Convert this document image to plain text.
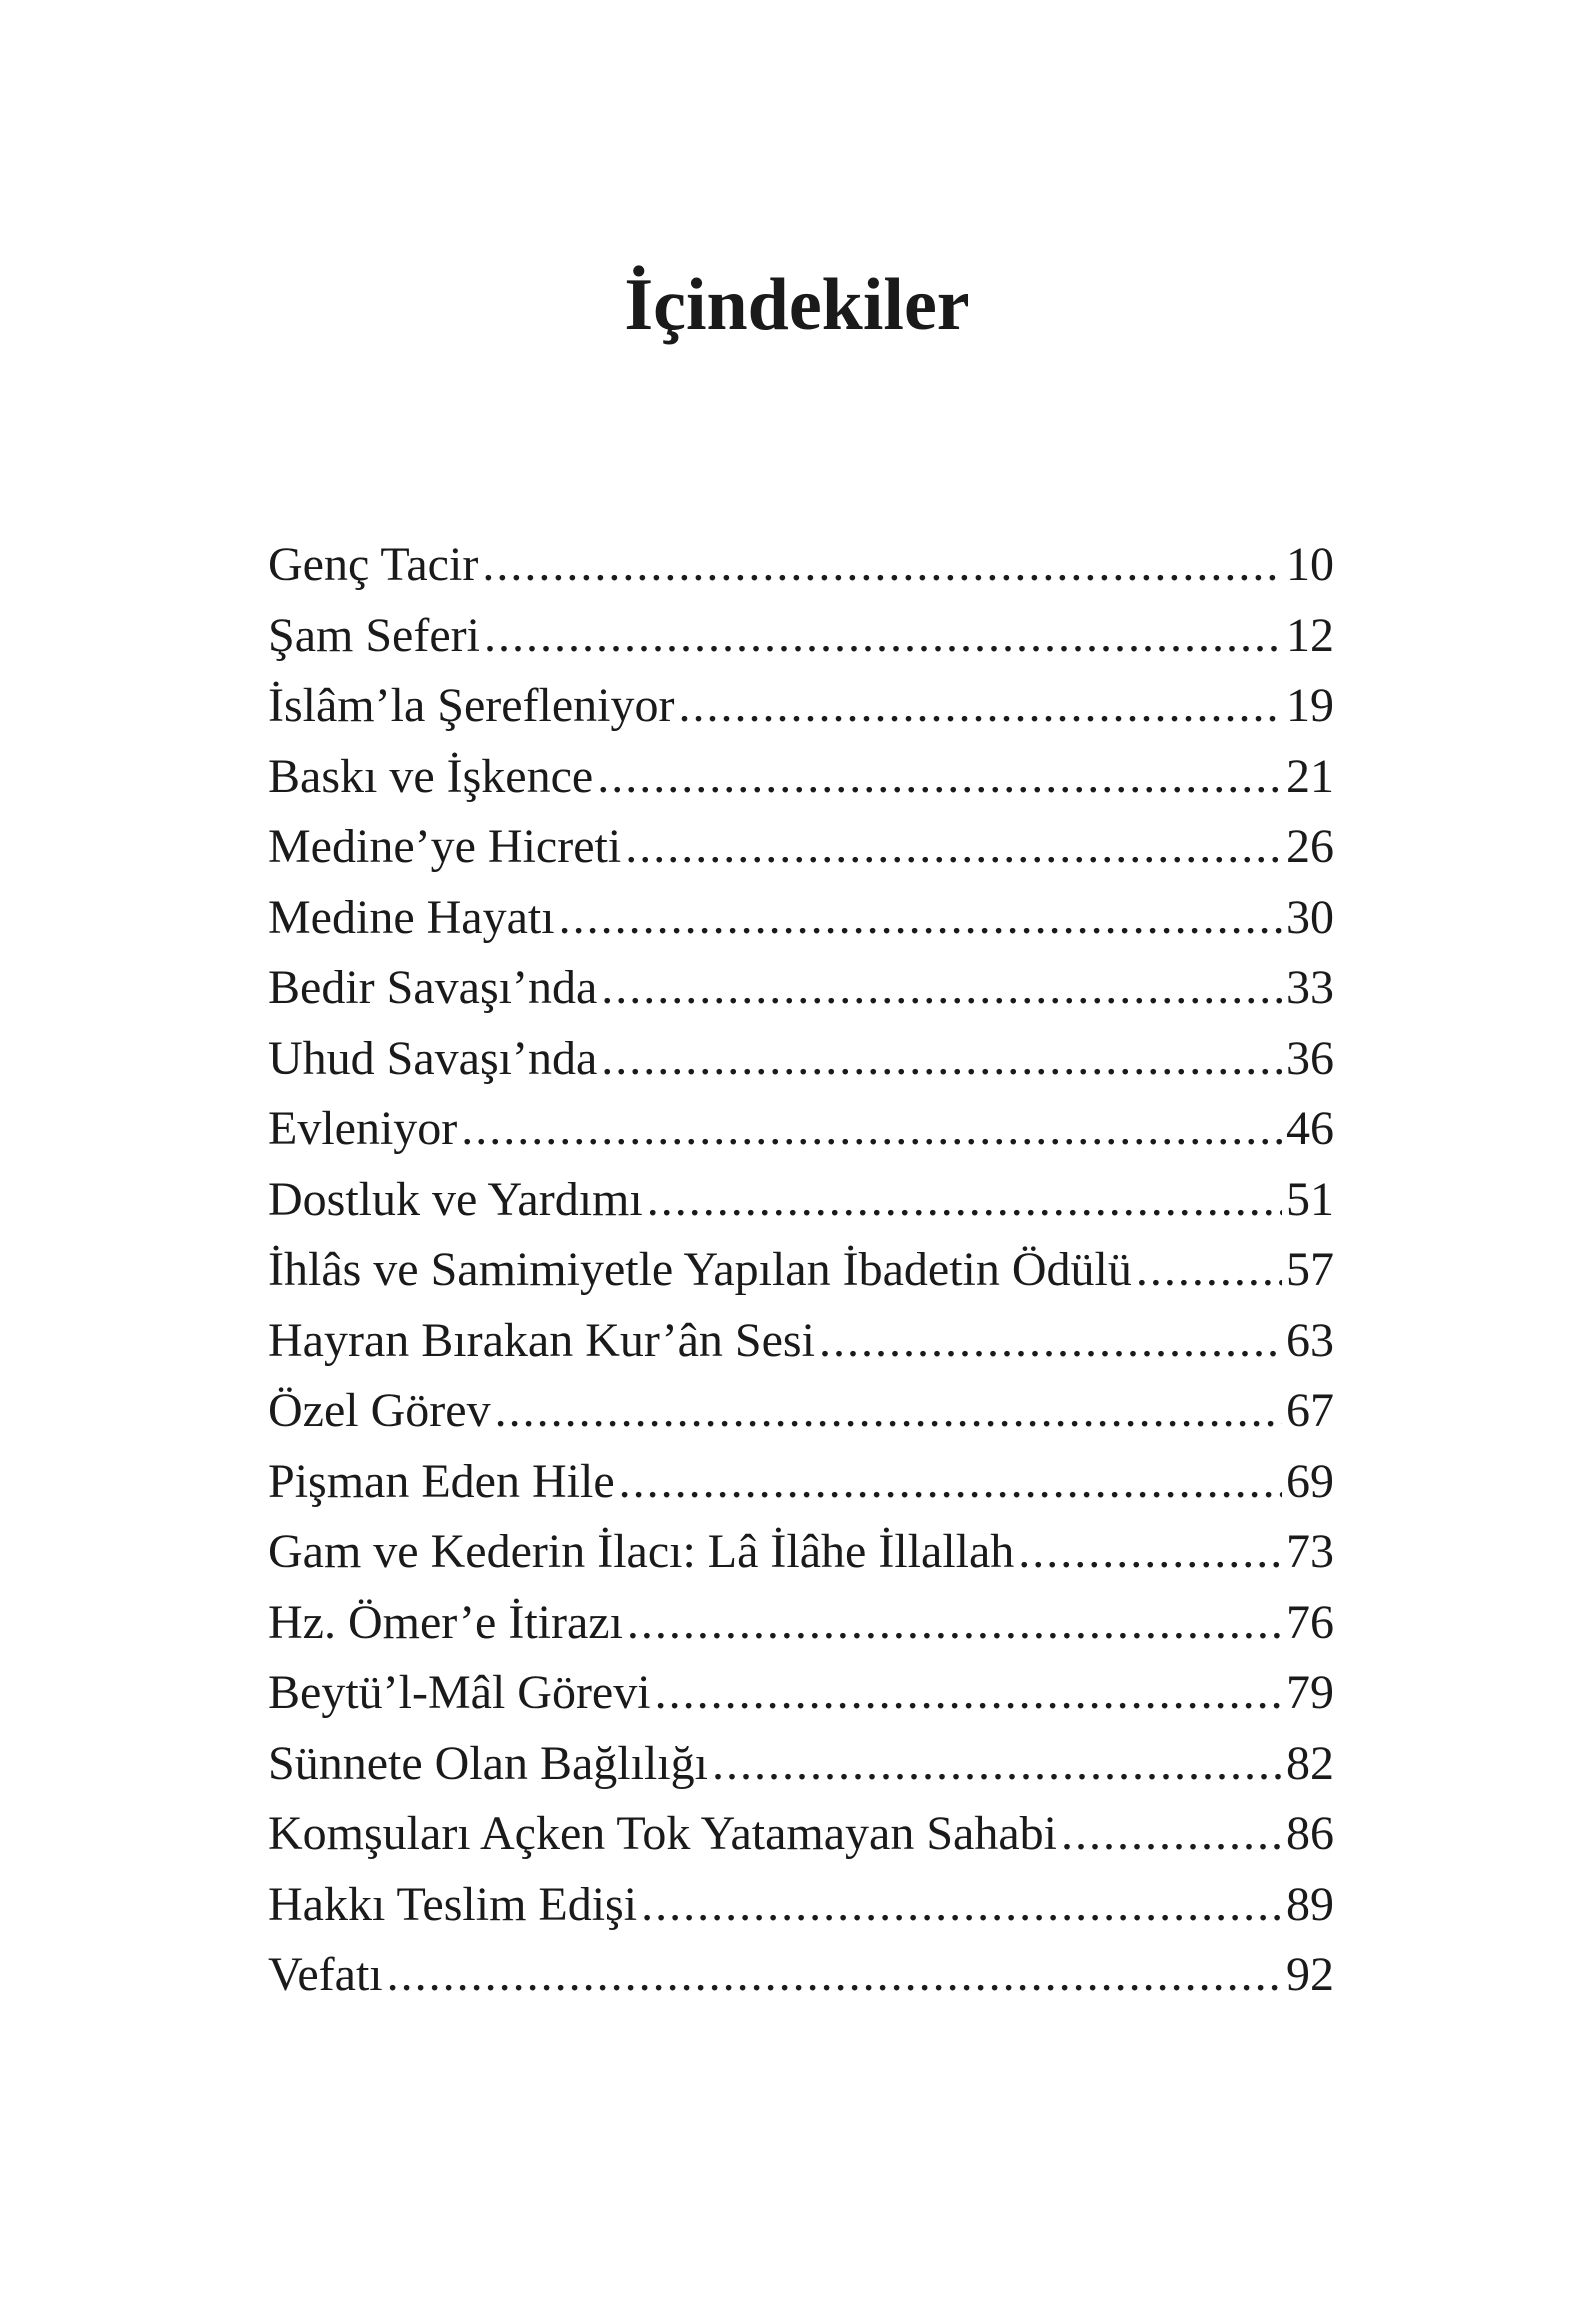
İçindekiler
Genç Tacir .....	10
Şam Seferi .....	12
İslâm’la Şerefleniyor .....	19
Baskı ve İşkence .....	21
Medine’ye Hicreti .....	26
Medine Hayatı .....	30
Bedir Savaşı’nda .....	33
Uhud Savaşı’nda .....	36
Evleniyor .....	46
Dostluk ve Yardımı .....	51
İhlâs ve Samimiyetle Yapılan İbadetin Ödülü .....	57
Hayran Bırakan Kur’ân Sesi .....	63
Özel Görev .....	67
Pişman Eden Hile .....	69
Gam ve Kederin İlacı: Lâ İlâhe İllallah .....	73
Hz. Ömer’e İtirazı .....	76
Beytü’l-Mâl Görevi .....	79
Sünnete Olan Bağlılığı .....	82
Komşuları Açken Tok Yatamayan Sahabi .....	86
Hakkı Teslim Edişi .....	89
Vefatı .....	92
